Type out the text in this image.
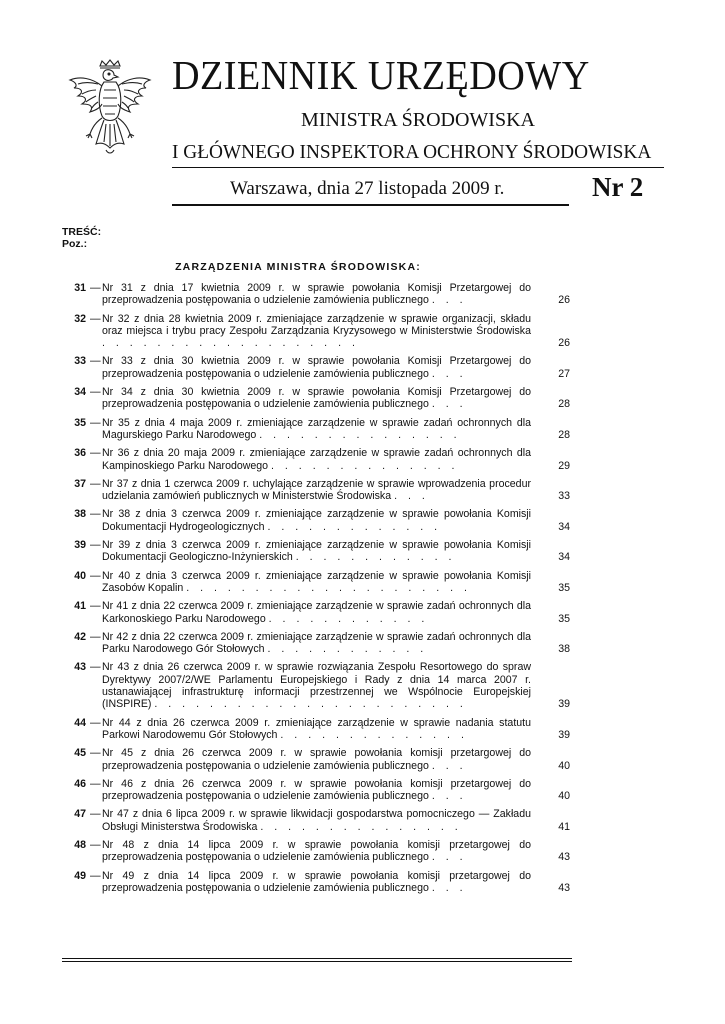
DZIENNIK URZĘDOWY
MINISTRA ŚRODOWISKA
I GŁÓWNEGO INSPEKTORA OCHRONY ŚRODOWISKA
Warszawa, dnia 27 listopada 2009 r.	Nr 2
TREŚĆ:
Poz.:
ZARZĄDZENIA MINISTRA ŚRODOWISKA:
31 — Nr 31 z dnia 17 kwietnia 2009 r. w sprawie powołania Komisji Przetargowej do przeprowadzenia postępowania o udzielenie zamówienia publicznego . . .	26
32 — Nr 32 z dnia 28 kwietnia 2009 r. zmieniające zarządzenie w sprawie organizacji, składu oraz miejsca i trybu pracy Zespołu Zarządzania Kryzysowego w Ministerstwie Środowiska . . . . . . . . . . . . . . . . . . .	26
33 — Nr 33 z dnia 30 kwietnia 2009 r. w sprawie powołania Komisji Przetargowej do przeprowadzenia postępowania o udzielenie zamówienia publicznego . . .	27
34 — Nr 34 z dnia 30 kwietnia 2009 r. w sprawie powołania Komisji Przetargowej do przeprowadzenia postępowania o udzielenie zamówienia publicznego . . .	28
35 — Nr 35 z dnia 4 maja 2009 r. zmieniające zarządzenie w sprawie zadań ochronnych dla Magurskiego Parku Narodowego . . . . . . . . . . . . . . .	28
36 — Nr 36 z dnia 20 maja 2009 r. zmieniające zarządzenie w sprawie zadań ochronnych dla Kampinoskiego Parku Narodowego . . . . . . . . . . . . . .	29
37 — Nr 37 z dnia 1 czerwca 2009 r. uchylające zarządzenie w sprawie wprowadzenia procedur udzielania zamówień publicznych w Ministerstwie Środowiska . . .	33
38 — Nr 38 z dnia 3 czerwca 2009 r. zmieniające zarządzenie w sprawie powołania Komisji Dokumentacji Hydrogeologicznych . . . . . . . . . . . . .	34
39 — Nr 39 z dnia 3 czerwca 2009 r. zmieniające zarządzenie w sprawie powołania Komisji Dokumentacji Geologiczno-Inżynierskich . . . . . . . . . . . .	34
40 — Nr 40 z dnia 3 czerwca 2009 r. zmieniające zarządzenie w sprawie powołania Komisji Zasobów Kopalin . . . . . . . . . . . . . . . . . . . . .	35
41 — Nr 41 z dnia 22 czerwca 2009 r. zmieniające zarządzenie w sprawie zadań ochronnych dla Karkonoskiego Parku Narodowego . . . . . . . . . . . .	35
42 — Nr 42 z dnia 22 czerwca 2009 r. zmieniające zarządzenie w sprawie zadań ochronnych dla Parku Narodowego Gór Stołowych . . . . . . . . . . . .	38
43 — Nr 43 z dnia 26 czerwca 2009 r. w sprawie rozwiązania Zespołu Resortowego do spraw Dyrektywy 2007/2/WE Parlamentu Europejskiego i Rady z dnia 14 marca 2007 r. ustanawiającej infrastrukturę informacji przestrzennej we Wspólnocie Europejskiej (INSPIRE) . . . . . . . . . . . . . . . . . . . . . . .	39
44 — Nr 44 z dnia 26 czerwca 2009 r. zmieniające zarządzenie w sprawie nadania statutu Parkowi Narodowemu Gór Stołowych . . . . . . . . . . . . . .	39
45 — Nr 45 z dnia 26 czerwca 2009 r. w sprawie powołania komisji przetargowej do przeprowadzenia postępowania o udzielenie zamówienia publicznego . . .	40
46 — Nr 46 z dnia 26 czerwca 2009 r. w sprawie powołania komisji przetargowej do przeprowadzenia postępowania o udzielenie zamówienia publicznego . . .	40
47 — Nr 47 z dnia 6 lipca 2009 r. w sprawie likwidacji gospodarstwa pomocniczego — Zakładu Obsługi Ministerstwa Środowiska . . . . . . . . . . . . . . .	41
48 — Nr 48 z dnia 14 lipca 2009 r. w sprawie powołania komisji przetargowej do przeprowadzenia postępowania o udzielenie zamówienia publicznego . . .	43
49 — Nr 49 z dnia 14 lipca 2009 r. w sprawie powołania komisji przetargowej do przeprowadzenia postępowania o udzielenie zamówienia publicznego . . .	43
